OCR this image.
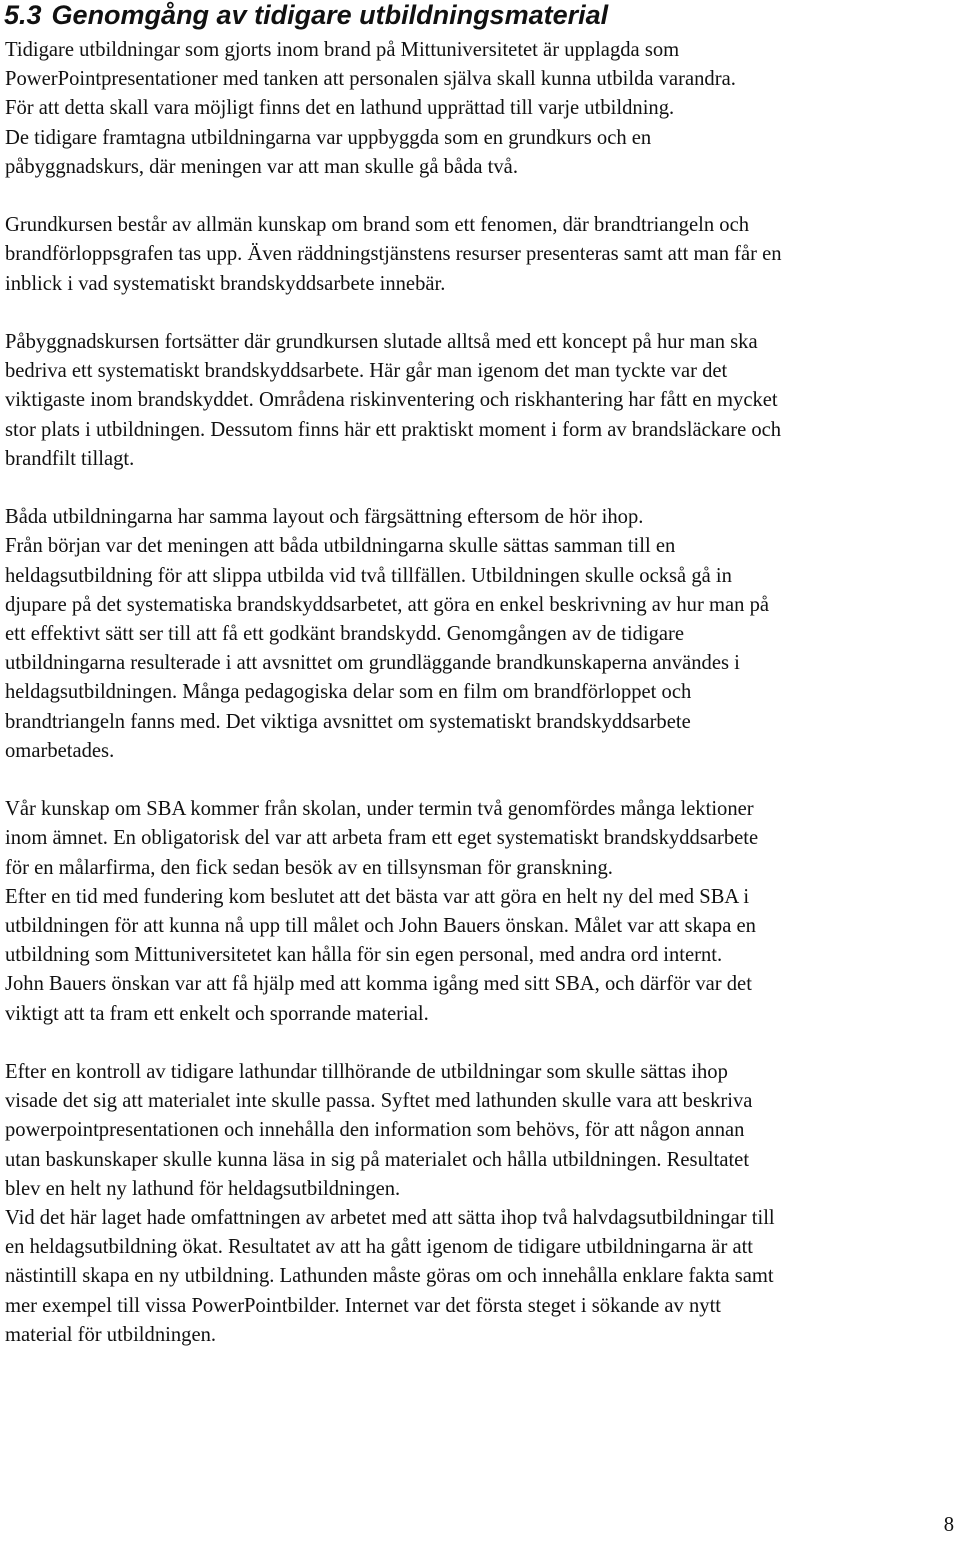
5.3 Genomgång av tidigare utbildningsmaterial

Tidigare utbildningar som gjorts inom brand på Mittuniversitetet är upplagda som
PowerPointpresentationer med tanken att personalen själva skall kunna utbilda varandra.
För att detta skall vara möjligt finns det en lathund upprättad till varje utbildning.
De tidigare framtagna utbildningarna var uppbyggda som en grundkurs och en
påbyggnadskurs, där meningen var att man skulle gå båda två.

Grundkursen består av allmän kunskap om brand som ett fenomen, där brandtriangeln och
brandförloppsgrafen tas upp. Även räddningstjänstens resurser presenteras samt att man får en
inblick i vad systematiskt brandskyddsarbete innebär.

Påbyggnadskursen fortsätter där grundkursen slutade alltså med ett koncept på hur man ska
bedriva ett systematiskt brandskyddsarbete. Här går man igenom det man tyckte var det
viktigaste inom brandskyddet. Områdena riskinventering och riskhantering har fått en mycket
stor plats i utbildningen. Dessutom finns här ett praktiskt moment i form av brandsläckare och
brandfilt tillagt.

Båda utbildningarna har samma layout och färgsättning eftersom de hör ihop.
Från början var det meningen att båda utbildningarna skulle sättas samman till en
heldagsutbildning för att slippa utbilda vid två tillfällen. Utbildningen skulle också gå in
djupare på det systematiska brandskyddsarbetet, att göra en enkel beskrivning av hur man på
ett effektivt sätt ser till att få ett godkänt brandskydd. Genomgången av de tidigare
utbildningarna resulterade i att avsnittet om grundläggande brandkunskaperna användes i
heldagsutbildningen. Många pedagogiska delar som en film om brandförloppet och
brandtriangeln fanns med. Det viktiga avsnittet om systematiskt brandskyddsarbete
omarbetades.

Vår kunskap om SBA kommer från skolan, under termin två genomfördes många lektioner
inom ämnet. En obligatorisk del var att arbeta fram ett eget systematiskt brandskyddsarbete
för en målarfirma, den fick sedan besök av en tillsynsman för granskning.
Efter en tid med fundering kom beslutet att det bästa var att göra en helt ny del med SBA i
utbildningen för att kunna nå upp till målet och John Bauers önskan. Målet var att skapa en
utbildning som Mittuniversitetet kan hålla för sin egen personal, med andra ord internt.
John Bauers önskan var att få hjälp med att komma igång med sitt SBA, och därför var det
viktigt att ta fram ett enkelt och sporrande material.

Efter en kontroll av tidigare lathundar tillhörande de utbildningar som skulle sättas ihop
visade det sig att materialet inte skulle passa. Syftet med lathunden skulle vara att beskriva
powerpointpresentationen och innehålla den information som behövs, för att någon annan
utan baskunskaper skulle kunna läsa in sig på materialet och hålla utbildningen. Resultatet
blev en helt ny lathund för heldagsutbildningen.
Vid det här laget hade omfattningen av arbetet med att sätta ihop två halvdagsutbildningar till
en heldagsutbildning ökat. Resultatet av att ha gått igenom de tidigare utbildningarna är att
nästintill skapa en ny utbildning. Lathunden måste göras om och innehålla enklare fakta samt
mer exempel till vissa PowerPointbilder. Internet var det första steget i sökande av nytt
material för utbildningen.

8
